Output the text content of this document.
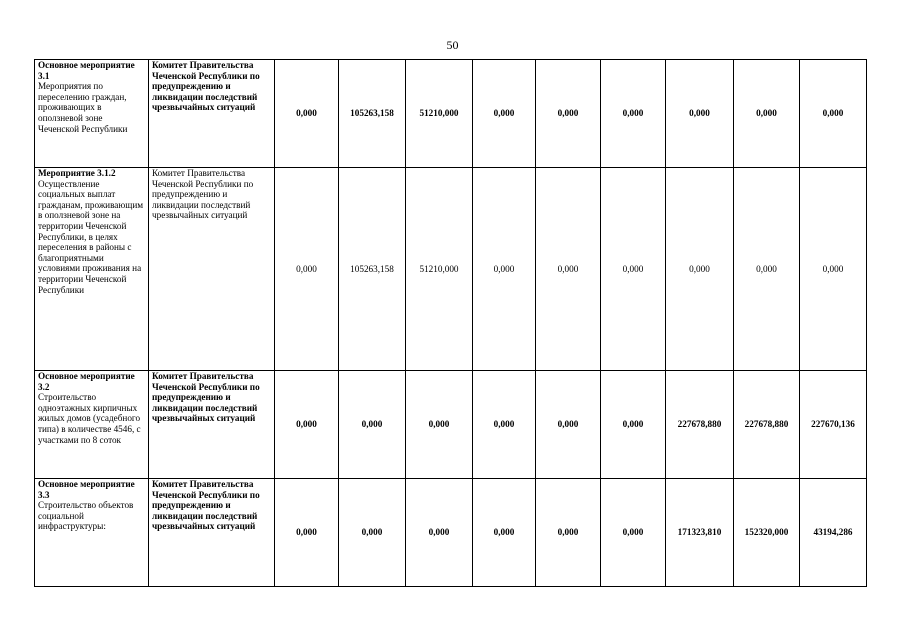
50
Основное мероприятие 3.1
Мероприятия по переселению граждан, проживающих в оползневой зоне Чеченской Республики	Комитет Правительства Чеченской Республики по предупреждению и ликвидации последствий чрезвычайных ситуаций	0,000	105263,158	51210,000	0,000	0,000	0,000	0,000	0,000	0,000
Мероприятие 3.1.2
Осуществление социальных выплат гражданам, проживающим в оползневой зоне на территории Чеченской Республики, в целях переселения в районы с благоприятными условиями проживания на территории Чеченской Республики	Комитет Правительства Чеченской Республики по предупреждению и ликвидации последствий чрезвычайных ситуаций	0,000	105263,158	51210,000	0,000	0,000	0,000	0,000	0,000	0,000
Основное мероприятие 3.2
Строительство одноэтажных кирпичных жилых домов (усадебного типа) в количестве 4546, с участками по 8 соток	Комитет Правительства Чеченской Республики по предупреждению и ликвидации последствий чрезвычайных ситуаций	0,000	0,000	0,000	0,000	0,000	0,000	227678,880	227678,880	227670,136
Основное мероприятие 3.3
Строительство объектов социальной инфраструктуры:	Комитет Правительства Чеченской Республики по предупреждению и ликвидации последствий чрезвычайных ситуаций	0,000	0,000	0,000	0,000	0,000	0,000	171323,810	152320,000	43194,286
